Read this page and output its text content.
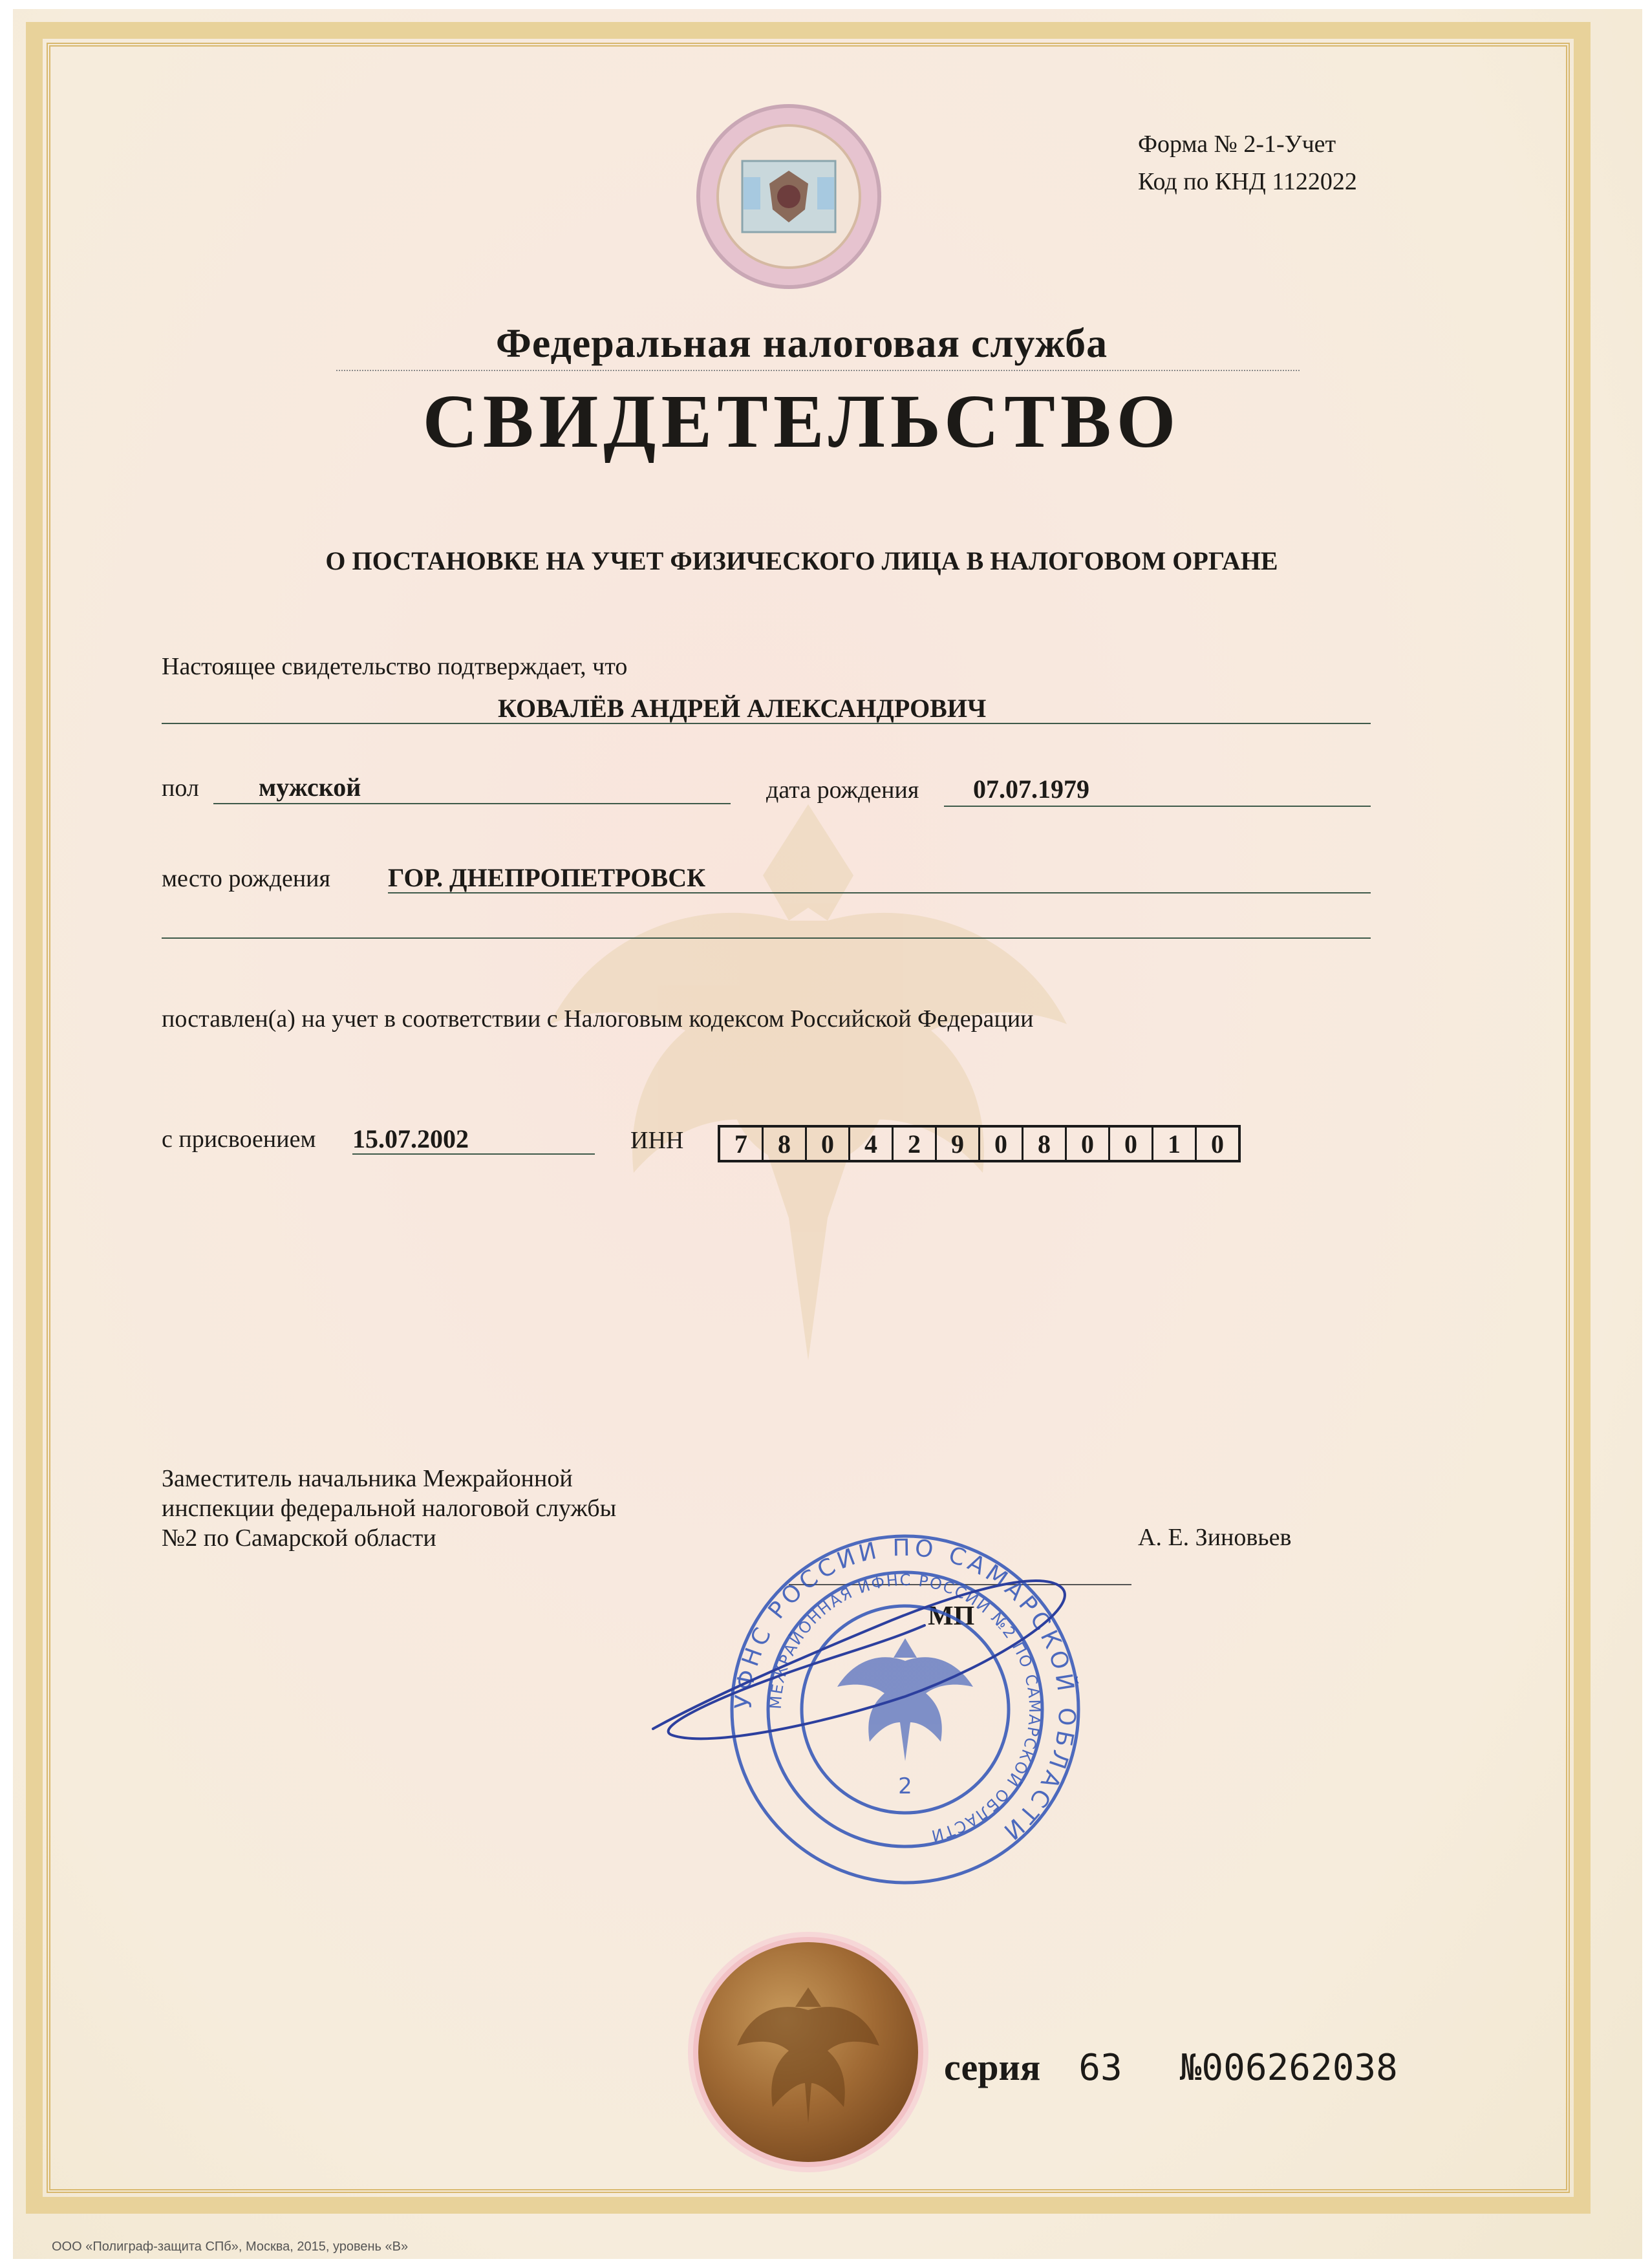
Форма № 2-1-Учет
Код по КНД 1122022
Федеральная налоговая служба
СВИДЕТЕЛЬСТВО
О ПОСТАНОВКЕ НА УЧЕТ ФИЗИЧЕСКОГО ЛИЦА В НАЛОГОВОМ ОРГАНЕ
Настоящее свидетельство подтверждает, что
КОВАЛЁВ АНДРЕЙ АЛЕКСАНДРОВИЧ
пол мужской	дата рождения 07.07.1979
место рождения ГОР. ДНЕПРОПЕТРОВСК
поставлен(а) на учет в соответствии с Налоговым кодексом Российской Федерации
с присвоением 15.07.2002	ИНН	7	8	0	4	2	9	0	8	0	0	1	0
Заместитель начальника Межрайонной
инспекции федеральной налоговой службы
№2 по Самарской области	А. Е. Зиновьев
МП
УФНС РОССИИ ПО САМАРСКОЙ ОБЛАСТИ
МЕЖРАЙОННАЯ ИФНС РОССИИ №2 ПО САМАРСКОЙ ОБЛАСТИ
2
серия 63 №006262038
ООО «Полиграф-защита СПб», Москва, 2015, уровень «В»
